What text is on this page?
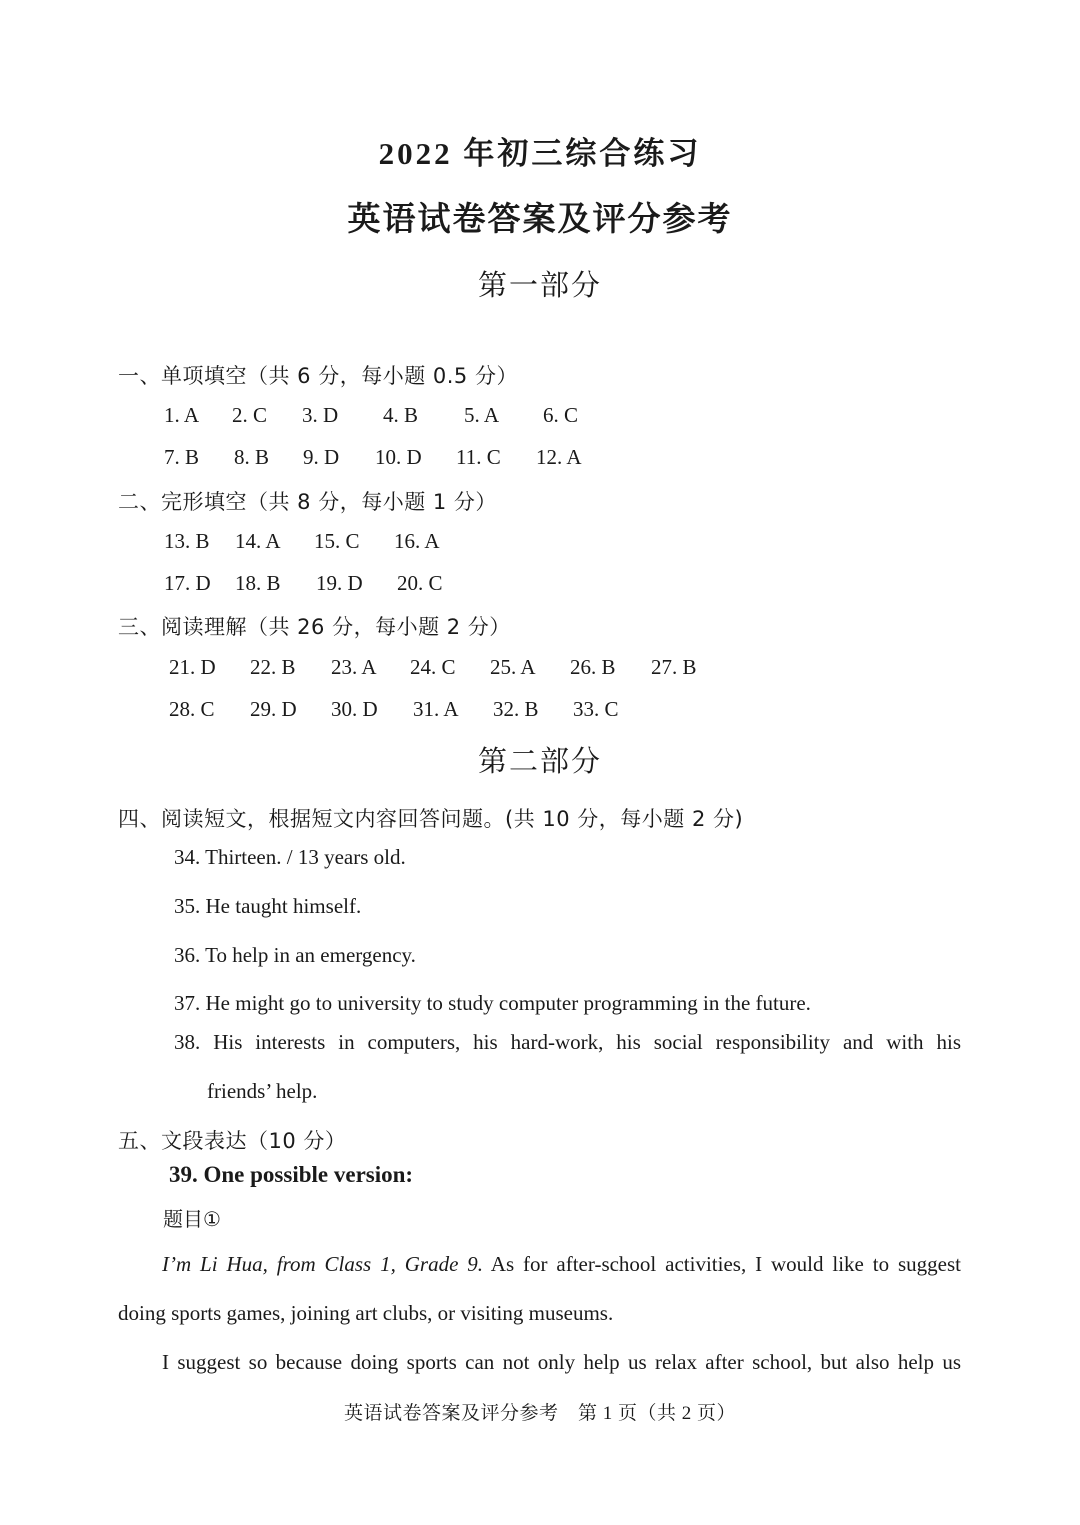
2022 年初三综合练习
英语试卷答案及评分参考
第一部分
一、单项填空（共 6 分，每小题 0.5 分）
1. A 2. C 3. D 4. B 5. A 6. C
7. B 8. B 9. D 10. D 11. C 12. A
二、完形填空（共 8 分，每小题 1 分）
13. B 14. A 15. C 16. A
17. D 18. B 19. D 20. C
三、阅读理解（共 26 分，每小题 2 分）
21. D 22. B 23. A 24. C 25. A 26. B 27. B
28. C 29. D 30. D 31. A 32. B 33. C
第二部分
四、阅读短文，根据短文内容回答问题。(共 10 分，每小题 2 分)
34. Thirteen. / 13 years old.
35. He taught himself.
36. To help in an emergency.
37. He might go to university to study computer programming in the future.
38. His interests in computers, his hard-work, his social responsibility and with his
friends’ help.
五、文段表达（10 分）
39. One possible version:
题目①
I’m Li Hua, from Class 1, Grade 9. As for after-school activities, I would like to suggest
doing sports games, joining art clubs, or visiting museums.
I suggest so because doing sports can not only help us relax after school, but also help us
英语试卷答案及评分参考　第 1 页（共 2 页）
